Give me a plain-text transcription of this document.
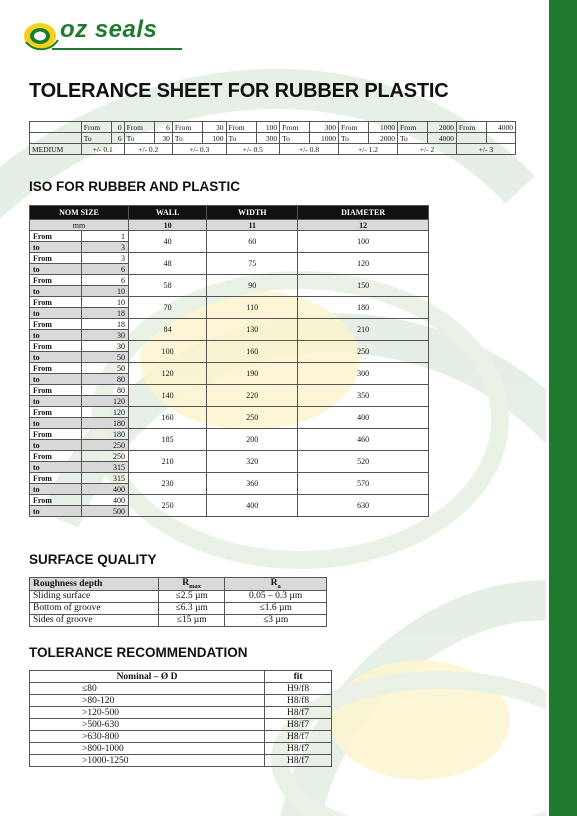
oz seals
TOLERANCE SHEET FOR RUBBER PLASTIC
	From	0	From	6	From	30	From	100	From	300	From	1000	From	2000	From	4000
	To	6	To	30	To	100	To	300	To	1000	To	2000	To	4000		
MEDIUM	+/- 0.1		+/- 0.2		+/- 0.3		+/- 0.5		+/- 0.8		+/- 1.2		+/- 2		+/- 3	
ISO FOR RUBBER AND PLASTIC
NOM SIZE		WALL	WIDTH	DIAMETER
mm		10	11	12
From	1	40	60	100
to	3			
From	3	48	75	120
to	6			
From	6	58	90	150
to	10			
From	10	70	110	180
to	18			
From	18	84	130	210
to	30			
From	30	100	160	250
to	50			
From	50	120	190	300
to	80			
From	80	140	220	350
to	120			
From	120	160	250	400
to	180			
From	180	185	200	460
to	250			
From	250	210	320	520
to	315			
From	315	230	360	570
to	400			
From	400	250	400	630
to	500			
SURFACE QUALITY
Roughness depth	$R_{max}$	$R_a$
Sliding surface	≤2.5 µm	0.05 – 0.3 µm
Bottom of groove	≤6.3 µm	≤1.6 µm
Sides of groove	≤15 µm	≤3 µm
TOLERANCE RECOMMENDATION
Nominal – Ø D	fit
≤80	H9/f8
>80-120	H8/f8
>120-500	H8/f7
>500-630	H8/f7
>630-800	H8/f7
>800-1000	H8/f7
>1000-1250	H8/f7
